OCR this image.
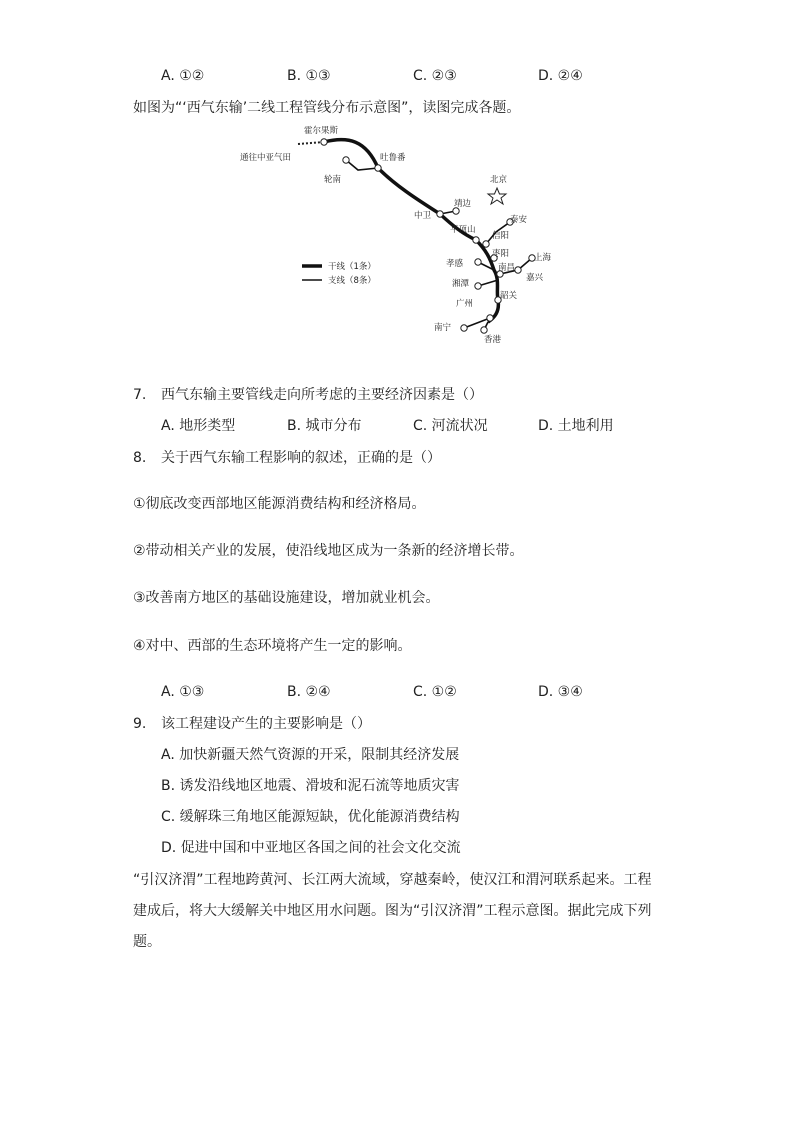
A. ①②	B. ①③	C. ②③	D. ②④
如图为“‘西气东输’二线工程管线分布示意图”，读图完成各题。
霍尔果斯
通往中亚气田
轮南
吐鲁番
北京
靖边
中卫
平顶山
泰安
信阳
枣阳
孝感	南昌
上海
嘉兴
湘潭
广州
韶关
南宁
香港
干线（1条）
支线（8条）
7. 西气东输主要管线走向所考虑的主要经济因素是（）
A. 地形类型	B. 城市分布	C. 河流状况	D. 土地利用
8. 关于西气东输工程影响的叙述，正确的是（）
①彻底改变西部地区能源消费结构和经济格局。
②带动相关产业的发展，使沿线地区成为一条新的经济增长带。
③改善南方地区的基础设施建设，增加就业机会。
④对中、西部的生态环境将产生一定的影响。
A. ①③	B. ②④	C. ①②	D. ③④
9. 该工程建设产生的主要影响是（）
A. 加快新疆天然气资源的开采，限制其经济发展
B. 诱发沿线地区地震、滑坡和泥石流等地质灾害
C. 缓解珠三角地区能源短缺，优化能源消费结构
D. 促进中国和中亚地区各国之间的社会文化交流
“引汉济渭”工程地跨黄河、长江两大流域，穿越秦岭，使汉江和渭河联系起来。工程
建成后，将大大缓解关中地区用水问题。图为“引汉济渭”工程示意图。据此完成下列
题。
